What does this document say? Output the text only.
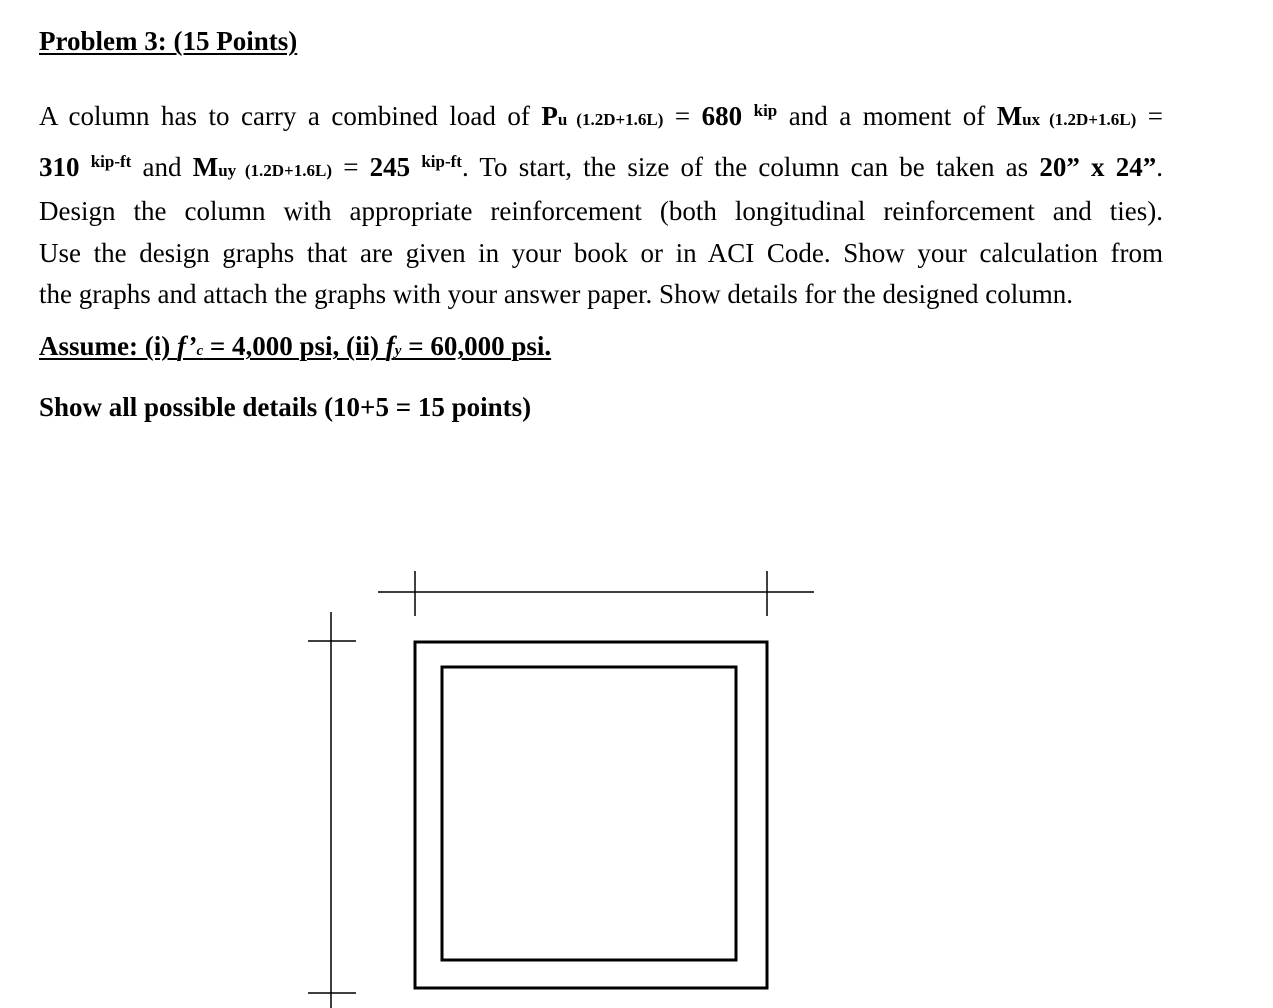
Problem 3: (15 Points)
A column has to carry a combined load of Pu (1.2D+1.6L) = 680 $^{kip}$ and a moment of Mux (1.2D+1.6L) =
310 $^{kip-ft}$ and Muy (1.2D+1.6L) = 245 $^{kip-ft}$. To start, the size of the column can be taken as 20” x 24”.
Design the column with appropriate reinforcement (both longitudinal reinforcement and ties).
Use the design graphs that are given in your book or in ACI Code. Show your calculation from
the graphs and attach the graphs with your answer paper. Show details for the designed column.
Assume: (i) f’c = 4,000 psi, (ii) fy = 60,000 psi.
Show all possible details (10+5 = 15 points)
